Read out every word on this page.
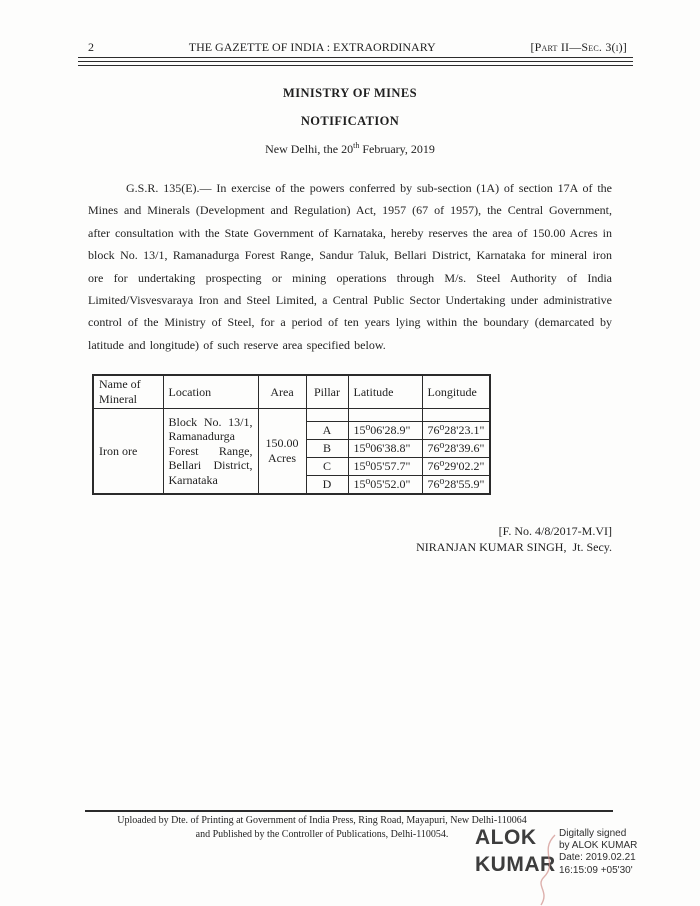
2	THE GAZETTE OF INDIA : EXTRAORDINARY	[Part II—Sec. 3(i)]
MINISTRY OF MINES
NOTIFICATION
New Delhi, the 20th February, 2019

G.S.R. 135(E).— In exercise of the powers conferred by sub-section (1A) of section 17A of the Mines and Minerals (Development and Regulation) Act, 1957 (67 of 1957), the Central Government, after consultation with the State Government of Karnataka, hereby reserves the area of 150.00 Acres in block No. 13/1, Ramanadurga Forest Range, Sandur Taluk, Bellari District, Karnataka for mineral iron ore for undertaking prospecting or mining operations through M/s. Steel Authority of India Limited/Visvesvaraya Iron and Steel Limited, a Central Public Sector Undertaking under administrative control of the Ministry of Steel, for a period of ten years lying within the boundary (demarcated by latitude and longitude) of such reserve area specified below.

Name of Mineral	Location	Area	Pillar	Latitude	Longitude
Iron ore	Block No. 13/1, Ramanadurga Forest Range, Bellari District, Karnataka	150.00 Acres			
			A	15⁰06'28.9"	76⁰28'23.1"
			B	15⁰06'38.8"	76⁰28'39.6"
			C	15⁰05'57.7"	76⁰29'02.2"
			D	15⁰05'52.0"	76⁰28'55.9"
[F. No. 4/8/2017-M.VI]
NIRANJAN KUMAR SINGH,  Jt. Secy.
Uploaded by Dte. of Printing at Government of India Press, Ring Road, Mayapuri, New Delhi-110064
and Published by the Controller of Publications, Delhi-110054.	ALOK
KUMAR
Digitally signed
by ALOK KUMAR
Date: 2019.02.21
16:15:09 +05'30'
